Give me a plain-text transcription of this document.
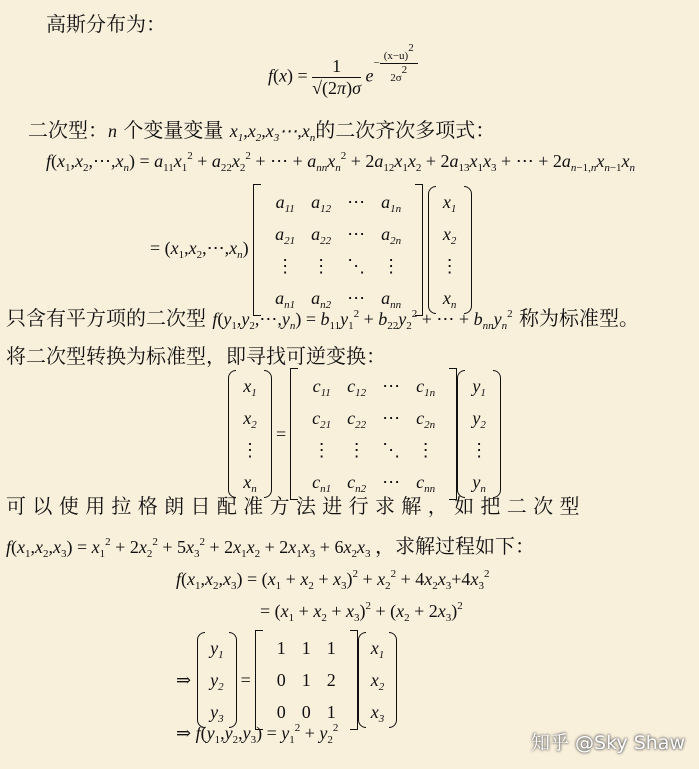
高斯分布为：
$f(x) = \frac{1}{√(2\pi)\sigma} e^{- \frac{(x-u)^2}{2\sigma^2}}$
二次型：n 个变量变量 $x_1,x_2,x_3\cdots,x_n$的二次齐次多项式：
$f(x_1,x_2,\cdots,x_n) = a_{11}x_1^2 + a_{22}x_2^2$ + ⋯ + $a_{nn}x_n^2 + 2a_{12}x_1x_2 + 2a_{13}x_1x_3$ + ⋯ + $2a_{n-1,n}x_{n-1}x_n$
= $(x_1,x_2,\cdots,x_n)$
$a_{11}$ $a_{12}$ ⋯ $a_{1n}$
$a_{21}$ $a_{22}$ ⋯ $a_{2n}$
⋮	⋮ ⋱ ⋮
$a_{n1}$ $a_{n2}$ ⋯ $a_{nn}$

$x_1$
$x_2$
⋮
$x_n$
只含有平方项的二次型 $f(y_1,y_2,\cdots,y_n) = b_{11}y_1^2 + b_{22}y_2^2$ + ⋯ + $b_{nn}y_n^2$ 称为标准型。
将二次型转换为标准型，即寻找可逆变换：
$x_1$
$x_2$
⋮
$x_n$
=
$c_{11}$ $c_{12}$ ⋯ $c_{1n}$
$c_{21}$ $c_{22}$ ⋯ $c_{2n}$
⋮ ⋮ ⋱ ⋮
$c_{n1}$ $c_{n2}$ ⋯ $c_{nn}$
$y_1$
$y_2$
⋮
$y_n$
可 以 使 用 拉 格 朗 日 配 准 方 法 进 行 求 解 ， 如 把 二 次 型
$f(x_1,x_2,x_3) = x_1^2 + 2x_2^2 + 5x_3^2 + 2x_1x_2 + 2x_1x_3 + 6x_2x_3$ ，求解过程如下：
$f(x_1,x_2,x_3) = (x_1 + x_2 + x_3)^2 + x_2^2 + 4x_2x_3+4x_3^2$
= $(x_1 + x_2 + x_3)^2 + (x_2 + 2x_3)^2$
⇒
$y_1$
$y_2$
$y_3$
=
1 1 1
0 1 2
0 0 1
$x_1$
$x_2$
$x_3$
⇒ $f(y_1,y_2,y_3) = y_1^2 + y_2^2$
知乎 @Sky Shaw
